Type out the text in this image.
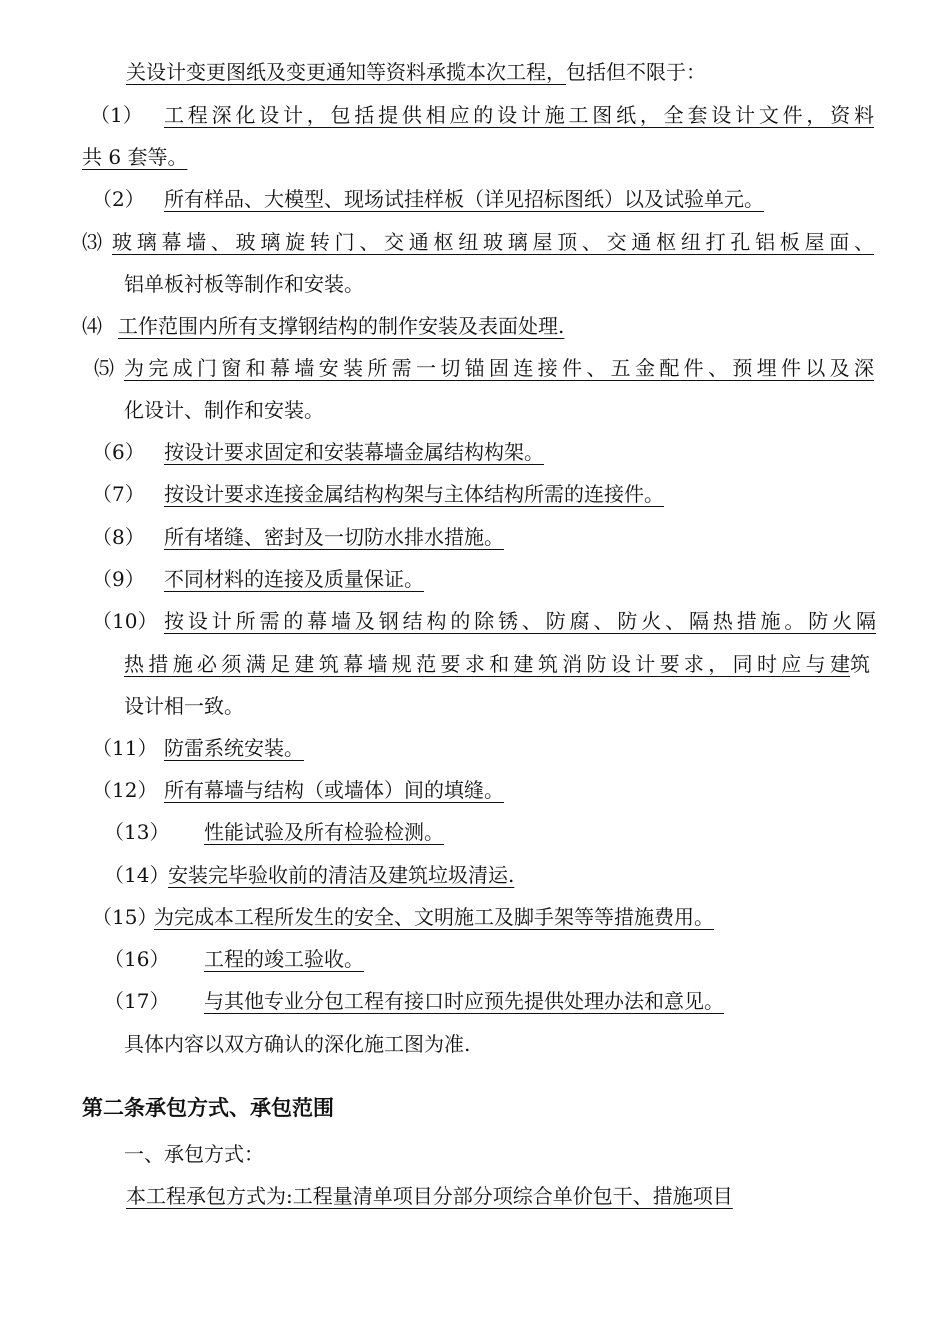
关设计变更图纸及变更通知等资料承揽本次工程，包括但不限于：
（1） 工程深化设计，包括提供相应的设计施工图纸，全套设计文件，资料
共 6 套等。
（2） 所有样品、大模型、现场试挂样板（详见招标图纸）以及试验单元。
⑶ 玻璃幕墙、玻璃旋转门、交通枢纽玻璃屋顶、交通枢纽打孔铝板屋面、
铝单板衬板等制作和安装。
⑷ 工作范围内所有支撑钢结构的制作安装及表面处理.
⑸ 为完成门窗和幕墙安装所需一切锚固连接件、五金配件、预埋件以及深
化设计、制作和安装。
（6） 按设计要求固定和安装幕墙金属结构构架。
（7） 按设计要求连接金属结构构架与主体结构所需的连接件。
（8） 所有堵缝、密封及一切防水排水措施。
（9） 不同材料的连接及质量保证。
（10） 按设计所需的幕墙及钢结构的除锈、防腐、防火、隔热措施。防火隔
热措施必须满足建筑幕墙规范要求和建筑消防设计要求，同时应与建筑
设计相一致。
（11） 防雷系统安装。
（12） 所有幕墙与结构（或墙体）间的填缝。
（13） 性能试验及所有检验检测。
（14）安装完毕验收前的清洁及建筑垃圾清运.
（15）为完成本工程所发生的安全、文明施工及脚手架等等措施费用。
（16） 工程的竣工验收。
（17） 与其他专业分包工程有接口时应预先提供处理办法和意见。
具体内容以双方确认的深化施工图为准.
第二条承包方式、承包范围
一、承包方式：
本工程承包方式为:工程量清单项目分部分项综合单价包干、措施项目
